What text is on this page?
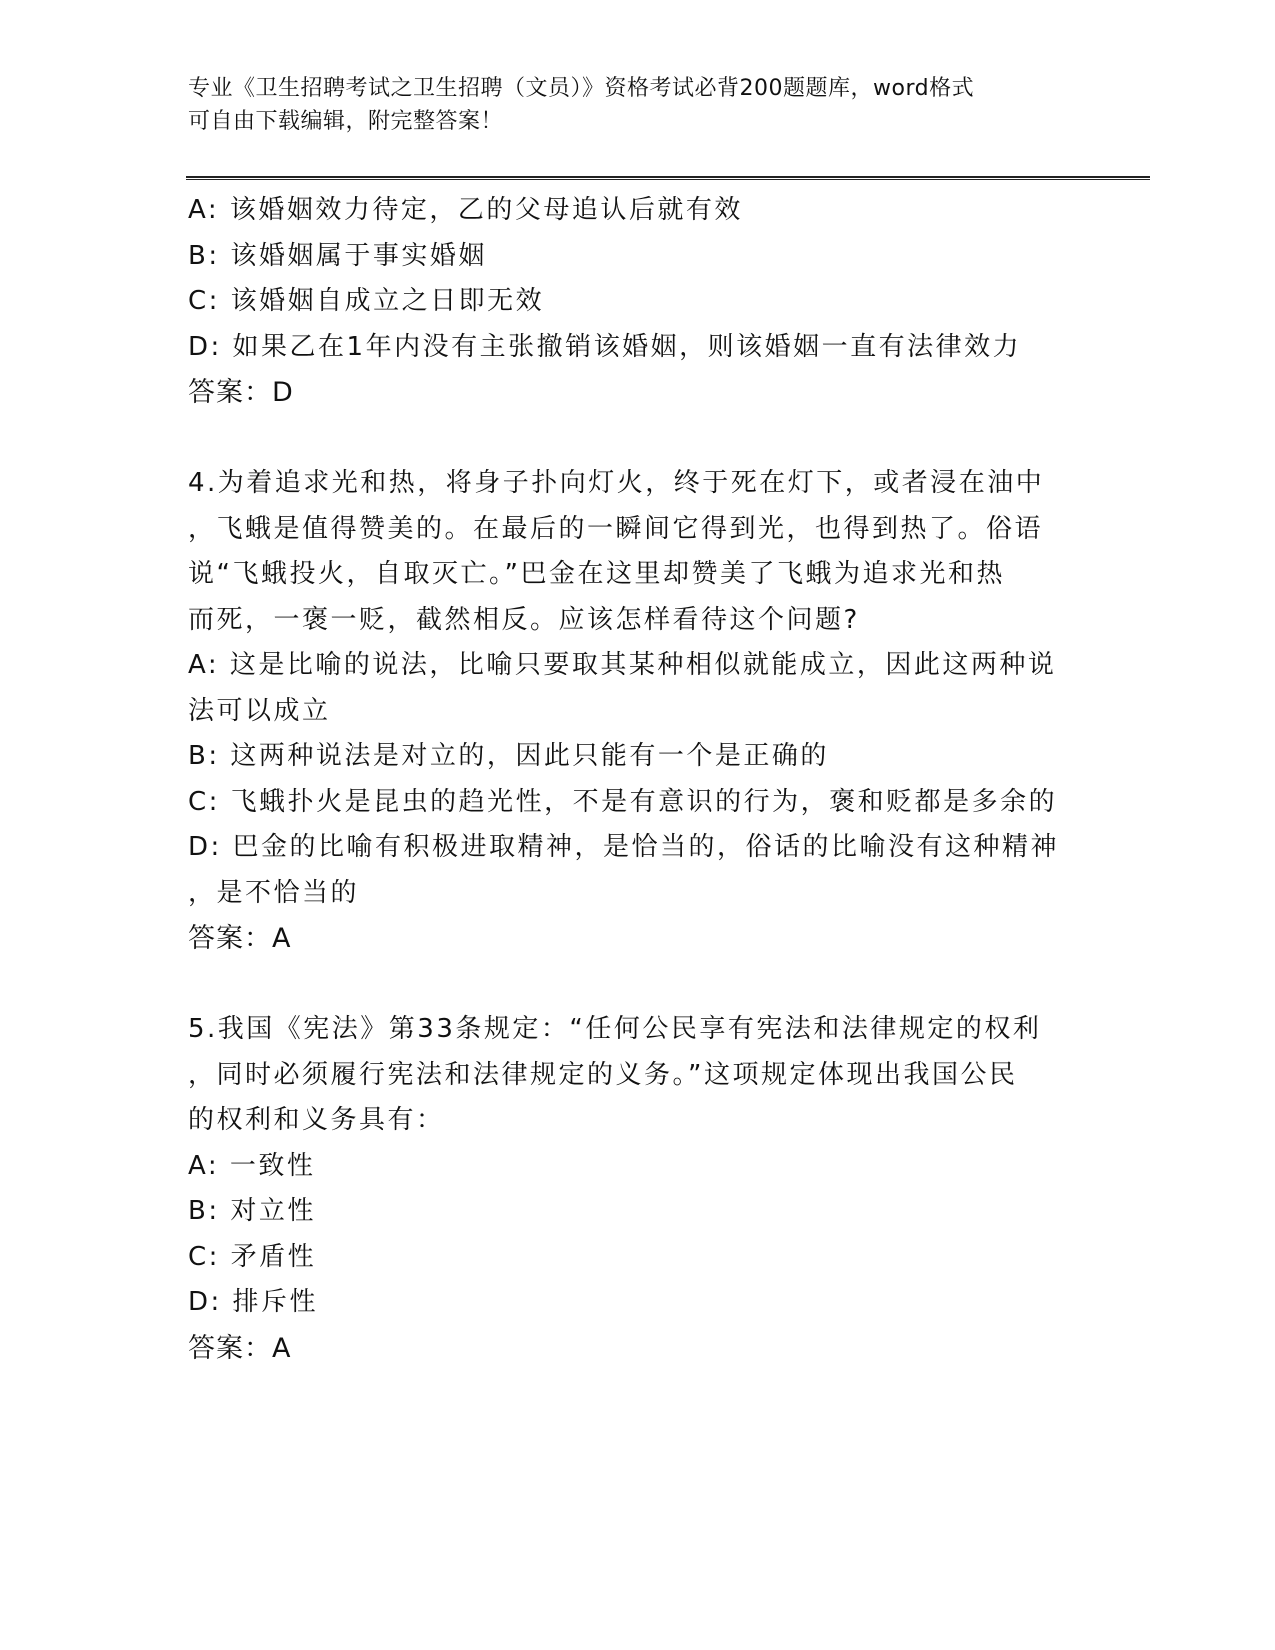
专业《卫生招聘考试之卫生招聘（文员）》资格考试必背200题题库，word格式
可自由下载编辑，附完整答案！
A: 该婚姻效力待定，乙的父母追认后就有效
B: 该婚姻属于事实婚姻
C: 该婚姻自成立之日即无效
D: 如果乙在1年内没有主张撤销该婚姻，则该婚姻一直有法律效力
答案：D
4.为着追求光和热，将身子扑向灯火，终于死在灯下，或者浸在油中
，飞蛾是值得赞美的。在最后的一瞬间它得到光，也得到热了。俗语
说“飞蛾投火，自取灭亡。”巴金在这里却赞美了飞蛾为追求光和热
而死，一褒一贬，截然相反。应该怎样看待这个问题?
A: 这是比喻的说法，比喻只要取其某种相似就能成立，因此这两种说
法可以成立
B: 这两种说法是对立的，因此只能有一个是正确的
C: 飞蛾扑火是昆虫的趋光性，不是有意识的行为，褒和贬都是多余的
D: 巴金的比喻有积极进取精神，是恰当的，俗话的比喻没有这种精神
，是不恰当的
答案：A
5.我国《宪法》第33条规定：“任何公民享有宪法和法律规定的权利
，同时必须履行宪法和法律规定的义务。”这项规定体现出我国公民
的权利和义务具有：
A: 一致性
B: 对立性
C: 矛盾性
D: 排斥性
答案：A
